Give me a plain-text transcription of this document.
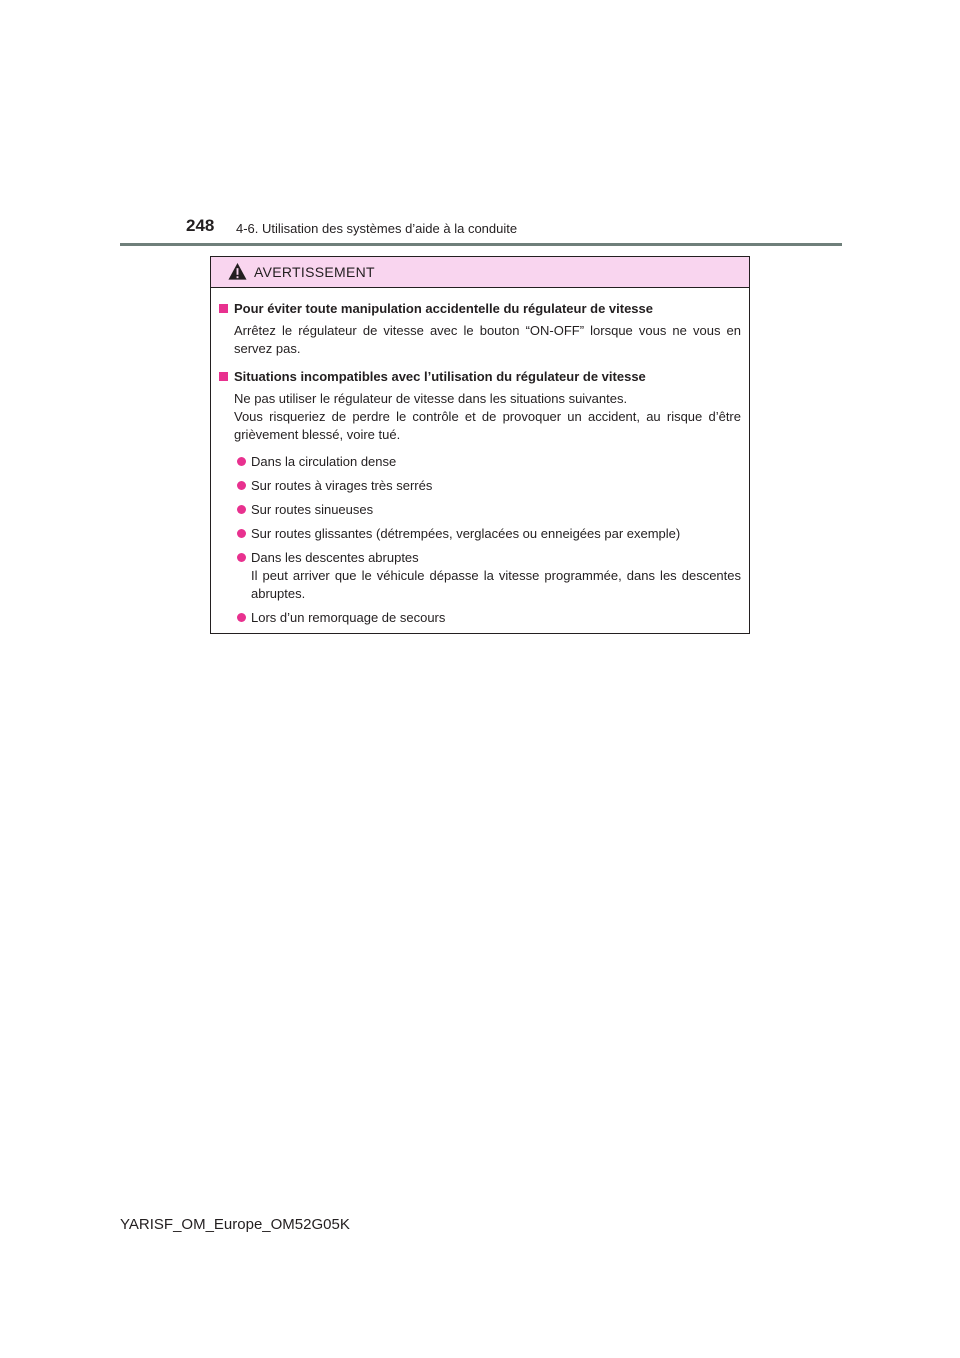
248 4-6. Utilisation des systèmes d’aide à la conduite
AVERTISSEMENT
Pour éviter toute manipulation accidentelle du régulateur de vitesse
Arrêtez le régulateur de vitesse avec le bouton “ON-OFF” lorsque vous ne vous en servez pas.
Situations incompatibles avec l’utilisation du régulateur de vitesse
Ne pas utiliser le régulateur de vitesse dans les situations suivantes.
Vous risqueriez de perdre le contrôle et de provoquer un accident, au risque d’être grièvement blessé, voire tué.
Dans la circulation dense
Sur routes à virages très serrés
Sur routes sinueuses
Sur routes glissantes (détrempées, verglacées ou enneigées par exemple)
Dans les descentes abruptes
Il peut arriver que le véhicule dépasse la vitesse programmée, dans les descentes abruptes.
Lors d’un remorquage de secours
YARISF_OM_Europe_OM52G05K
